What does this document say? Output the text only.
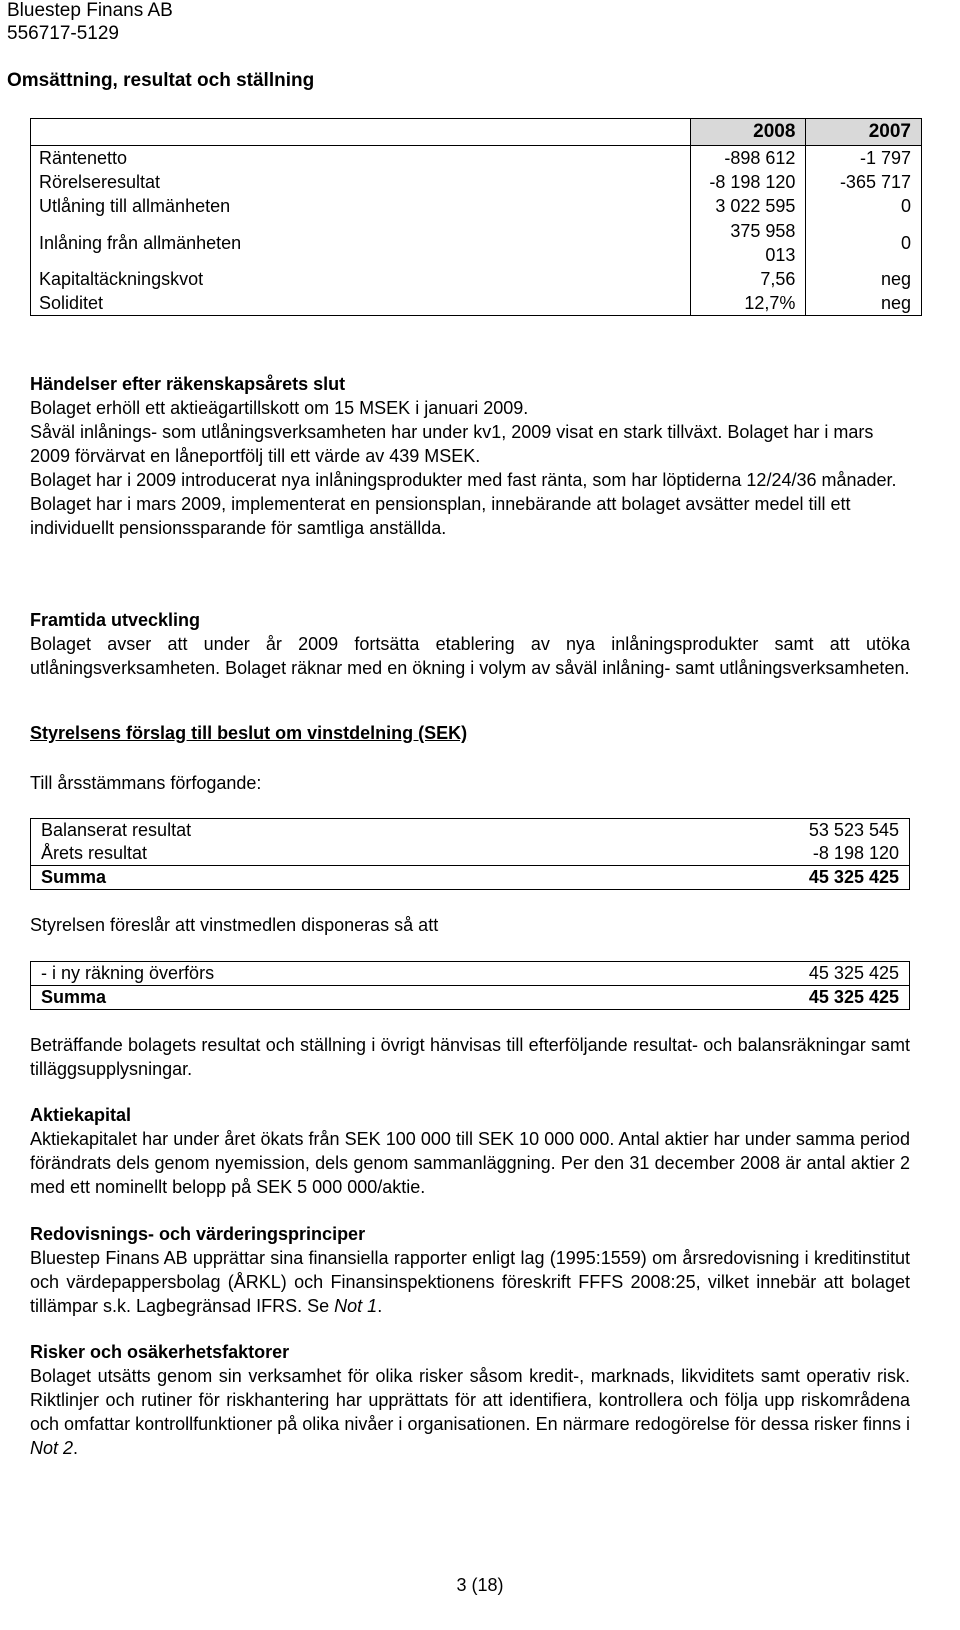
Bluestep Finans AB
556717-5129
Omsättning, resultat och ställning
	2008	2007
Räntenetto	-898 612	-1 797
Rörelseresultat	-8 198 120	-365 717
Utlåning till allmänheten	3 022 595	0
Inlåning från allmänheten	375 958 013	0
Kapitaltäckningskvot	7,56	neg
Soliditet	12,7%	neg

Händelser efter räkenskapsårets slut

Bolaget erhöll ett aktieägartillskott om 15 MSEK i januari 2009.

Såväl inlånings- som utlåningsverksamheten har under kv1, 2009 visat en stark tillväxt. Bolaget har i mars 2009 förvärvat en låneportfölj till ett värde av 439 MSEK.

Bolaget har i 2009 introducerat nya inlåningsprodukter med fast ränta, som har löptiderna 12/24/36 månader.

Bolaget har i mars 2009, implementerat en pensionsplan, innebärande att bolaget avsätter medel till ett individuellt pensionssparande för samtliga anställda.

Framtida utveckling

Bolaget avser att under år 2009 fortsätta etablering av nya inlåningsprodukter samt att utöka utlåningsverksamheten. Bolaget räknar med en ökning i volym av såväl inlåning- samt utlåningsverksamheten.

Styrelsens förslag till beslut om vinstdelning (SEK)
Till årsstämmans förfogande:
Balanserat resultat	53 523 545
Årets resultat	-8 198 120
Summa	45 325 425
Styrelsen föreslår att vinstmedlen disponeras så att
- i ny räkning överförs	45 325 425
Summa	45 325 425
Beträffande bolagets resultat och ställning i övrigt hänvisas till efterföljande resultat- och balansräkningar samt tilläggsupplysningar.

Aktiekapital

Aktiekapitalet har under året ökats från SEK 100 000 till SEK 10 000 000. Antal aktier har under samma period förändrats dels genom nyemission, dels genom sammanläggning. Per den 31 december 2008 är antal aktier 2 med ett nominellt belopp på SEK 5 000 000/aktie.

Redovisnings- och värderingsprinciper

Bluestep Finans AB upprättar sina finansiella rapporter enligt lag (1995:1559) om årsredovisning i kreditinstitut och värdepappersbolag (ÅRKL) och Finansinspektionens föreskrift FFFS 2008:25, vilket innebär att bolaget tillämpar s.k. Lagbegränsad IFRS. Se Not 1.

Risker och osäkerhetsfaktorer

Bolaget utsätts genom sin verksamhet för olika risker såsom kredit-, marknads, likviditets samt operativ risk. Riktlinjer och rutiner för riskhantering har upprättats för att identifiera, kontrollera och följa upp riskområdena och omfattar kontrollfunktioner på olika nivåer i organisationen. En närmare redogörelse för dessa risker finns i Not 2.

3 (18)
